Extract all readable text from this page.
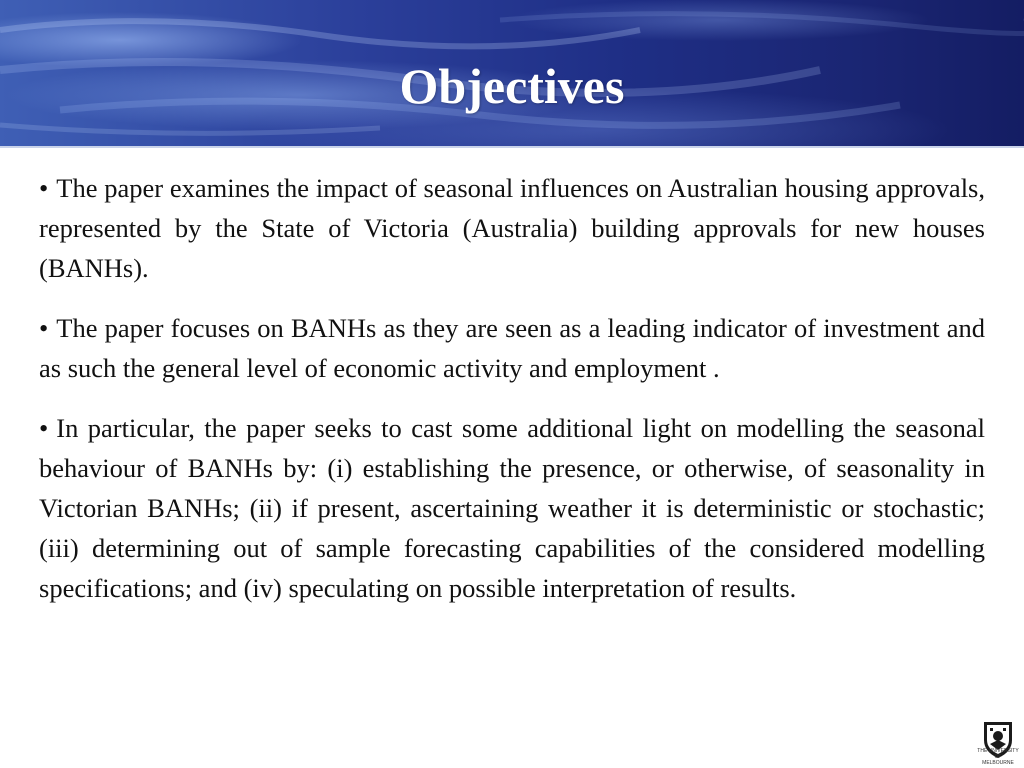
Objectives

• The paper examines the impact of seasonal influences on Australian housing approvals, represented by the State of Victoria (Australia) building approvals for new houses (BANHs).

• The paper focuses on BANHs as they are seen as a leading indicator of investment and as such the general level of economic activity and employment .

• In particular, the paper seeks to cast some additional light on modelling the seasonal behaviour of BANHs by: (i) establishing the presence, or otherwise, of seasonality in Victorian BANHs; (ii) if present, ascertaining weather it is deterministic or stochastic; (iii) determining out of sample forecasting capabilities of the considered modelling specifications; and (iv) speculating on possible interpretation of results.

THE UNIVERSITY OF
MELBOURNE
